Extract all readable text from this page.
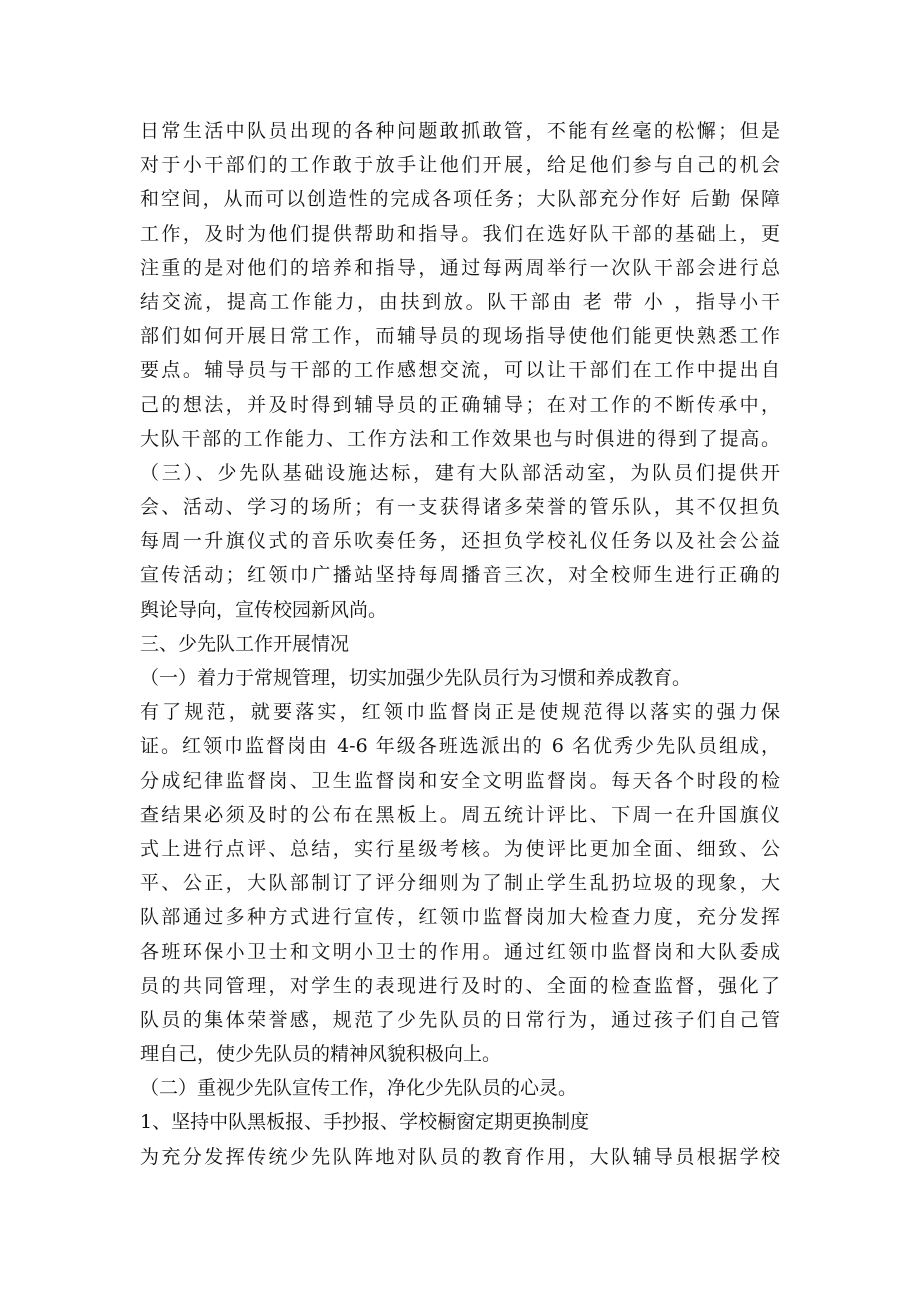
日常生活中队员出现的各种问题敢抓敢管，不能有丝毫的松懈；但是
对于小干部们的工作敢于放手让他们开展，给足他们参与自己的机会
和空间，从而可以创造性的完成各项任务；大队部充分作好 后勤 保障
工作，及时为他们提供帮助和指导。我们在选好队干部的基础上，更
注重的是对他们的培养和指导，通过每两周举行一次队干部会进行总
结交流，提高工作能力，由扶到放。队干部由 老 带 小 ，指导小干
部们如何开展日常工作，而辅导员的现场指导使他们能更快熟悉工作
要点。辅导员与干部的工作感想交流，可以让干部们在工作中提出自
己的想法，并及时得到辅导员的正确辅导；在对工作的不断传承中，
大队干部的工作能力、工作方法和工作效果也与时俱进的得到了提高。
（三）、少先队基础设施达标，建有大队部活动室，为队员们提供开
会、活动、学习的场所；有一支获得诸多荣誉的管乐队，其不仅担负
每周一升旗仪式的音乐吹奏任务，还担负学校礼仪任务以及社会公益
宣传活动；红领巾广播站坚持每周播音三次，对全校师生进行正确的
舆论导向，宣传校园新风尚。
三、少先队工作开展情况
（一）着力于常规管理，切实加强少先队员行为习惯和养成教育。
有了规范，就要落实，红领巾监督岗正是使规范得以落实的强力保
证。红领巾监督岗由 4-6 年级各班选派出的 6 名优秀少先队员组成，
分成纪律监督岗、卫生监督岗和安全文明监督岗。每天各个时段的检
查结果必须及时的公布在黑板上。周五统计评比、下周一在升国旗仪
式上进行点评、总结，实行星级考核。为使评比更加全面、细致、公
平、公正，大队部制订了评分细则为了制止学生乱扔垃圾的现象，大
队部通过多种方式进行宣传，红领巾监督岗加大检查力度，充分发挥
各班环保小卫士和文明小卫士的作用。通过红领巾监督岗和大队委成
员的共同管理，对学生的表现进行及时的、全面的检查监督，强化了
队员的集体荣誉感，规范了少先队员的日常行为，通过孩子们自己管
理自己，使少先队员的精神风貌积极向上。
（二）重视少先队宣传工作，净化少先队员的心灵。
1、坚持中队黑板报、手抄报、学校橱窗定期更换制度
为充分发挥传统少先队阵地对队员的教育作用，大队辅导员根据学校
